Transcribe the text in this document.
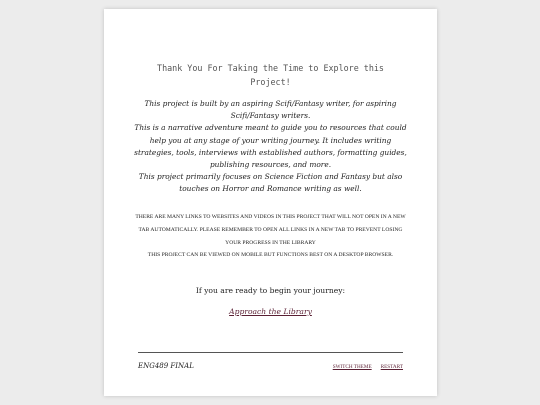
Thank You For Taking the Time to Explore this Project!
This project is built by an aspiring Scifi/Fantasy writer, for aspiring Scifi/Fantasy writers.
This is a narrative adventure meant to guide you to resources that could help you at any stage of your writing journey. It includes writing strategies, tools, interviews with established authors, formatting guides, publishing resources, and more.
This project primarily focuses on Science Fiction and Fantasy but also touches on Horror and Romance writing as well.
THERE ARE MANY LINKS TO WEBSITES AND VIDEOS IN THIS PROJECT THAT WILL NOT OPEN IN A NEW TAB AUTOMATICALLY. PLEASE REMEMBER TO OPEN ALL LINKS IN A NEW TAB TO PREVENT LOSING YOUR PROGRESS IN THE LIBRARY
THIS PROJECT CAN BE VIEWED ON MOBILE BUT FUNCTIONS BEST ON A DESKTOP BROWSER.

If you are ready to begin your journey:

Approach the Library

ENG489 FINAL	SWITCH THEME RESTART
